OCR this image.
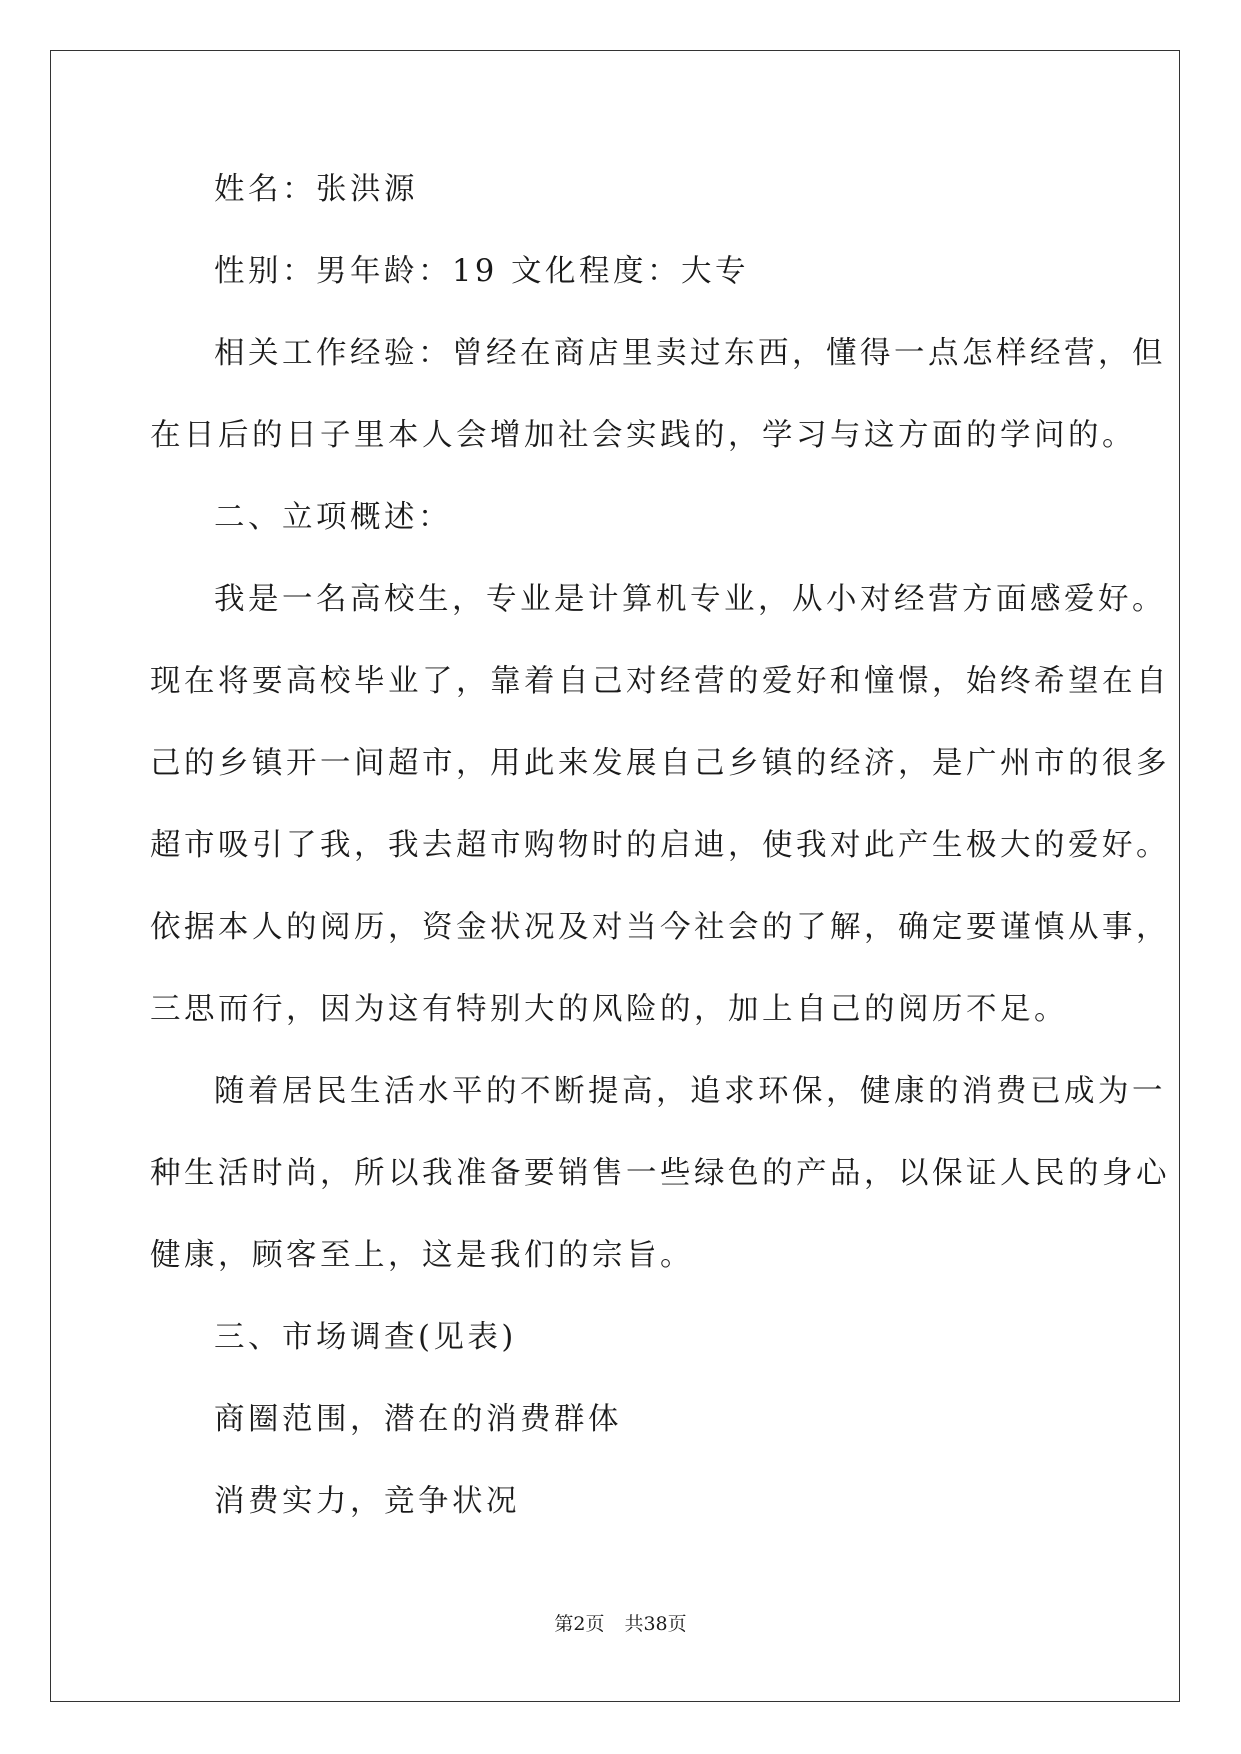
姓名：张洪源
性别：男年龄：19 文化程度：大专
相关工作经验：曾经在商店里卖过东西，懂得一点怎样经营，但
在日后的日子里本人会增加社会实践的，学习与这方面的学问的。
二、立项概述：
我是一名高校生，专业是计算机专业，从小对经营方面感爱好。
现在将要高校毕业了，靠着自己对经营的爱好和憧憬，始终希望在自
己的乡镇开一间超市，用此来发展自己乡镇的经济，是广州市的很多
超市吸引了我，我去超市购物时的启迪，使我对此产生极大的爱好。
依据本人的阅历，资金状况及对当今社会的了解，确定要谨慎从事，
三思而行，因为这有特别大的风险的，加上自己的阅历不足。
随着居民生活水平的不断提高，追求环保，健康的消费已成为一
种生活时尚，所以我准备要销售一些绿色的产品，以保证人民的身心
健康，顾客至上，这是我们的宗旨。
三、市场调查(见表)
商圈范围，潜在的消费群体
消费实力，竞争状况
第2页 共38页
